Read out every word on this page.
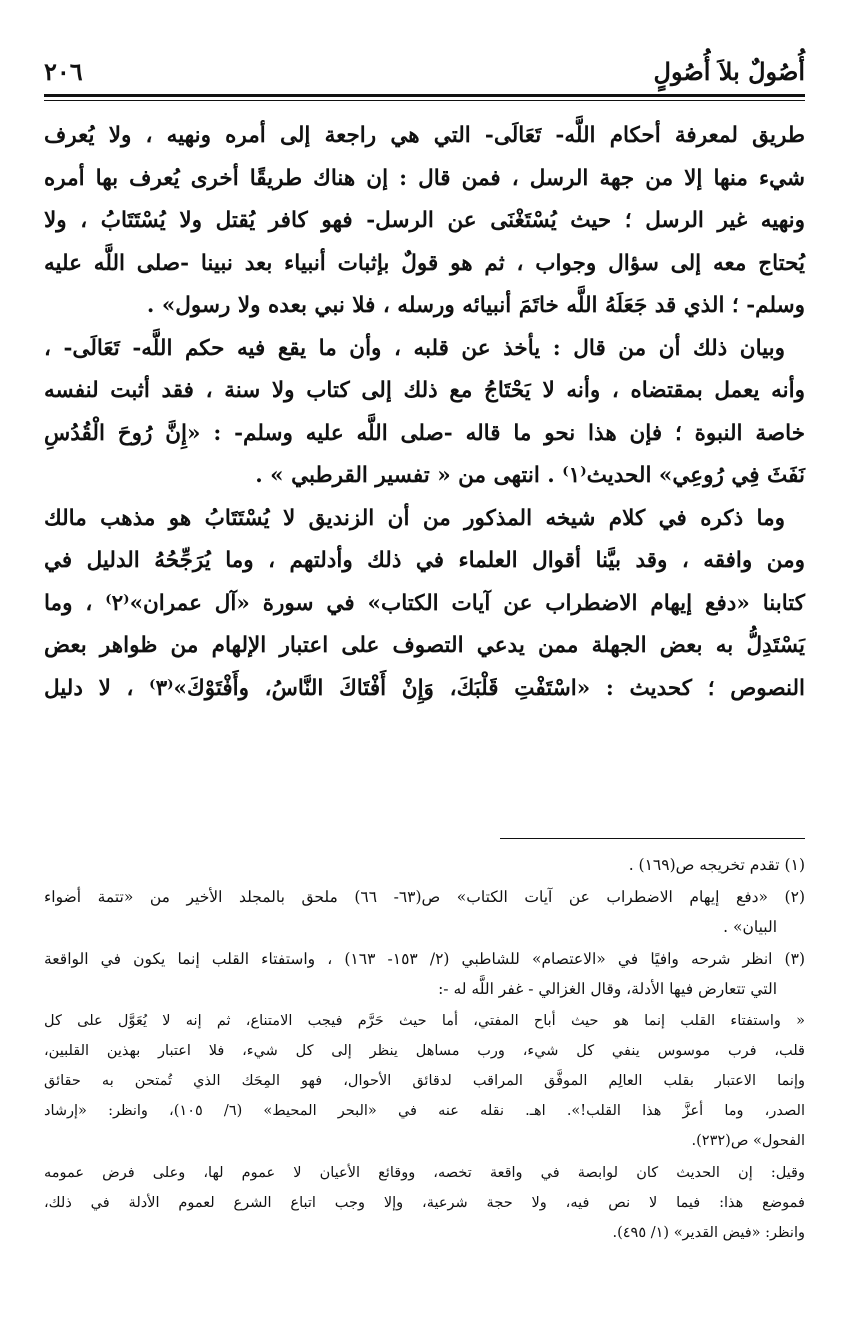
أُصُولٌ بلاَ أُصُولٍ
٢٠٦

طريق لمعرفة أحكام اللَّه- تَعَالَى- التي هي راجعة إلى أمره ونهيه ، ولا يُعرف
شيء منها إلا من جهة الرسل ، فمن قال : إن هناك طريقًا أخرى يُعرف بها أمره
ونهيه غير الرسل ؛ حيث يُسْتَغْنَى عن الرسل- فهو كافر يُقتل ولا يُسْتَتَابُ ، ولا
يُحتاج معه إلى سؤال وجواب ، ثم هو قولٌ بإثبات أنبياء بعد نبينا -صلى اللَّه عليه
وسلم- ؛ الذي قد جَعَلَهُ اللَّه خاتَمَ أنبيائه ورسله ، فلا نبي بعده ولا رسول» .

وبيان ذلك أن من قال : يأخذ عن قلبه ، وأن ما يقع فيه حكم اللَّه- تَعَالَى- ،
وأنه يعمل بمقتضاه ، وأنه لا يَحْتَاجُ مع ذلك إلى كتاب ولا سنة ، فقد أثبت لنفسه
خاصة النبوة ؛ فإن هذا نحو ما قاله -صلى اللَّه عليه وسلم- : «إِنَّ رُوحَ الْقُدُسِ
نَفَثَ فِي رُوعِي» الحديث⁽١⁾ . انتهى من « تفسير القرطبي » .

وما ذكره في كلام شيخه المذكور من أن الزنديق لا يُسْتَتَابُ هو مذهب مالك
ومن وافقه ، وقد بيَّنا أقوال العلماء في ذلك وأدلتهم ، وما يُرَجِّحُهُ الدليل في
كتابنا «دفع إيهام الاضطراب عن آيات الكتاب» في سورة «آل عمران»⁽٢⁾ ، وما
يَسْتَدِلُّ به بعض الجهلة ممن يدعي التصوف على اعتبار الإلهام من ظواهر بعض
النصوص ؛ كحديث : «اسْتَفْتِ قَلْبَكَ، وَإِنْ أَفْتَاكَ النَّاسُ، وأَفْتَوْكَ»⁽٣⁾ ، لا دليل

(١) تقدم تخريجه ص(١٦٩) .
(٢) «دفع إيهام الاضطراب عن آيات الكتاب» ص(٦٣- ٦٦) ملحق بالمجلد الأخير من «تتمة أضواء
البيان» .
(٣) انظر شرحه وافيًا في «الاعتصام» للشاطبي (٢/ ١٥٣- ١٦٣) ، واستفتاء القلب إنما يكون في الواقعة
التي تتعارض فيها الأدلة، وقال الغزالي - غفر اللَّه له -:
« واستفتاء القلب إنما هو حيث أباح المفتي، أما حيث حَرَّم فيجب الامتناع، ثم إنه لا يُعَوَّل على كل
قلب، فرب موسوس ينفي كل شيء، ورب مساهل ينظر إلى كل شيء، فلا اعتبار بهذين القلبين،
وإنما الاعتبار بقلب العالِم الموفَّق المراقب لدقائق الأحوال، فهو المِحَك الذي تُمتحن به حقائق
الصدر، وما أعزَّ هذا القلب!». اهـ. نقله عنه في «البحر المحيط» (٦/ ١٠٥)، وانظر: «إرشاد
الفحول» ص(٢٣٢).
وقيل: إن الحديث كان لوابصة في واقعة تخصه، ووقائع الأعيان لا عموم لها، وعلى فرض عمومه
فموضع هذا: فيما لا نص فيه، ولا حجة شرعية، وإلا وجب اتباع الشرع لعموم الأدلة في ذلك،
وانظر: «فيض القدير» (١/ ٤٩٥).
